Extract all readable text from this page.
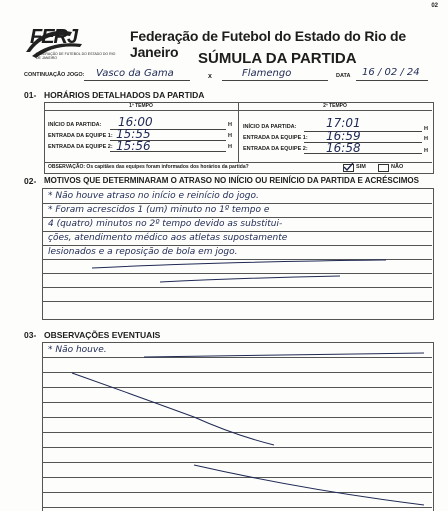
02
FERJ
FEDERAÇÃO DE FUTEBOL DO ESTADO DO RIO DE JANEIRO
Federação de Futebol do Estado do Rio de Janeiro	SÚMULA DA PARTIDA
CONTINUAÇÃO JOGO: Vasco da Gama	x	Flamengo	DATA 16 / 02 / 24
01- HORÁRIOS DETALHADOS DA PARTIDA
1º TEMPO	2º TEMPO
INÍCIO DA PARTIDA: 16:00	H
ENTRADA DA EQUIPE 1: 15:55	H
ENTRADA DA EQUIPE 2: 15:56	H
INÍCIO DA PARTIDA: 17:01	H
ENTRADA DA EQUIPE 1: 16:59	H
ENTRADA DA EQUIPE 2: 16:58	H
OBSERVAÇÃO: Os capitães das equipes foram informados dos horários da partida?	SIM	NÃO
02- MOTIVOS QUE DETERMINARAM O ATRASO NO INÍCIO OU REINÍCIO DA PARTIDA E ACRÉSCIMOS
* Não houve atraso no início e reinício do jogo.
* Foram acrescidos 1 (um) minuto no 1º tempo e
4 (quatro) minutos no 2º tempo devido as substitui-
ções, atendimento médico aos atletas supostamente
lesionados e a reposição de bola em jogo.
03- OBSERVAÇÕES EVENTUAIS
* Não houve.
